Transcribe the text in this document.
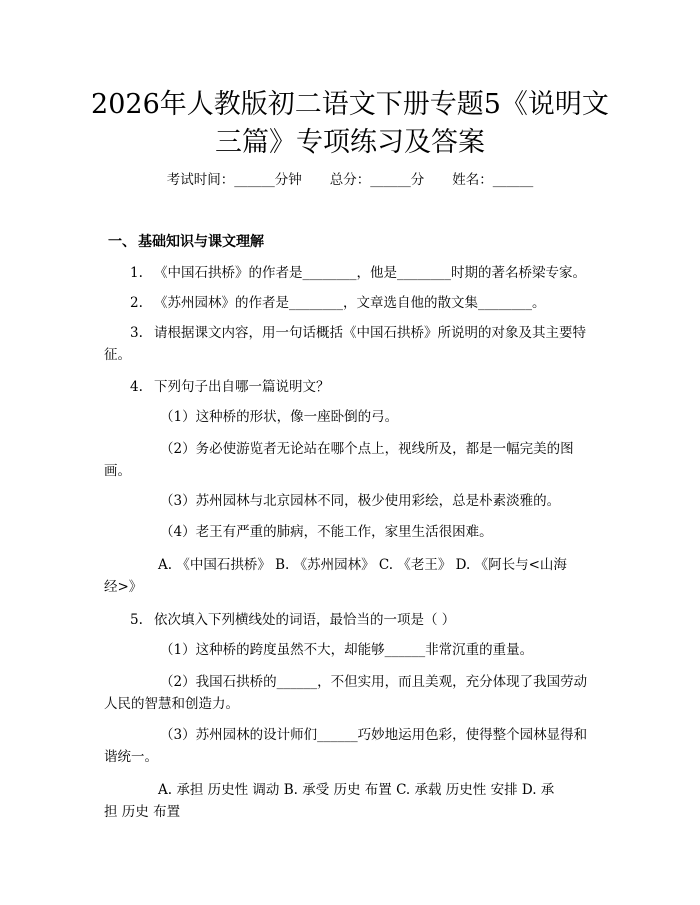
2026年人教版初二语文下册专题5《说明文
三篇》专项练习及答案
考试时间：______分钟 总分：______分 姓名：______
一、 基础知识与课文理解
1. 《中国石拱桥》的作者是________，他是________时期的著名桥梁专家。
2. 《苏州园林》的作者是________，文章选自他的散文集________。
3. 请根据课文内容，用一句话概括《中国石拱桥》所说明的对象及其主要特
征。
4. 下列句子出自哪一篇说明文？
（1）这种桥的形状，像一座卧倒的弓。
（2）务必使游览者无论站在哪个点上，视线所及，都是一幅完美的图
画。
（3）苏州园林与北京园林不同，极少使用彩绘，总是朴素淡雅的。
（4）老王有严重的肺病，不能工作，家里生活很困难。
A. 《中国石拱桥》 B. 《苏州园林》 C. 《老王》 D. 《阿长与<山海
经>》
5. 依次填入下列横线处的词语，最恰当的一项是（ ）
（1）这种桥的跨度虽然不大，却能够______非常沉重的重量。
（2）我国石拱桥的______，不但实用，而且美观，充分体现了我国劳动
人民的智慧和创造力。
（3）苏州园林的设计师们______巧妙地运用色彩，使得整个园林显得和
谐统一。
A. 承担 历史性 调动 B. 承受 历史 布置 C. 承载 历史性 安排 D. 承
担 历史 布置
